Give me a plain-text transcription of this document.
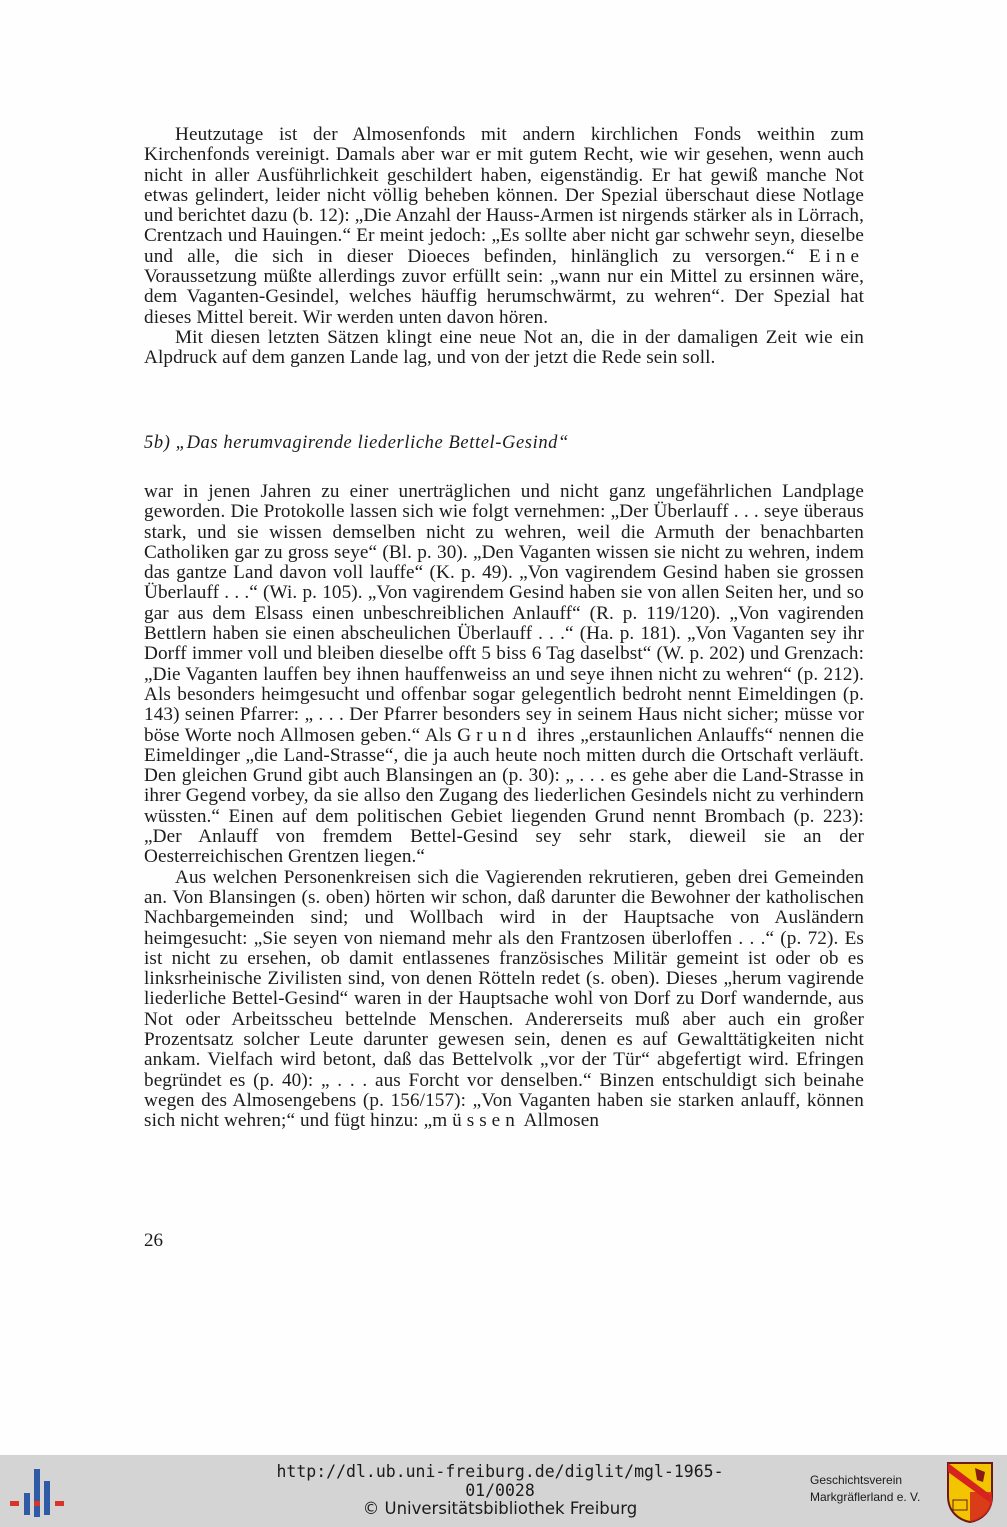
Heutzutage ist der Almosenfonds mit andern kirchlichen Fonds weithin zum Kirchenfonds vereinigt. Damals aber war er mit gutem Recht, wie wir gesehen, wenn auch nicht in aller Ausführlichkeit geschildert haben, eigenständig. Er hat gewiß manche Not etwas gelindert, leider nicht völlig beheben können. Der Spezial überschaut diese Notlage und berichtet dazu (b. 12): „Die Anzahl der Hauss-Armen ist nirgends stärker als in Lörrach, Crentzach und Hauingen.“ Er meint jedoch: „Es sollte aber nicht gar schwehr seyn, dieselbe und alle, die sich in dieser Dioeces befinden, hinlänglich zu versorgen.“ Eine Voraussetzung müßte allerdings zuvor erfüllt sein: „wann nur ein Mittel zu ersinnen wäre, dem Vaganten-Gesindel, welches häuffig herumschwärmt, zu wehren“. Der Spezial hat dieses Mittel bereit. Wir werden unten davon hören.

Mit diesen letzten Sätzen klingt eine neue Not an, die in der damaligen Zeit wie ein Alpdruck auf dem ganzen Lande lag, und von der jetzt die Rede sein soll.

5b) „Das herumvagirende liederliche Bettel-Gesind“

war in jenen Jahren zu einer unerträglichen und nicht ganz ungefährlichen Landplage geworden. Die Protokolle lassen sich wie folgt vernehmen: „Der Überlauff . . . seye überaus stark, und sie wissen demselben nicht zu wehren, weil die Armuth der benachbarten Catholiken gar zu gross seye“ (Bl. p. 30). „Den Vaganten wissen sie nicht zu wehren, indem das gantze Land davon voll lauffe“ (K. p. 49). „Von vagirendem Gesind haben sie grossen Überlauff . . .“ (Wi. p. 105). „Von vagirendem Gesind haben sie von allen Seiten her, und so gar aus dem Elsass einen unbeschreiblichen Anlauff“ (R. p. 119/120). „Von vagirenden Bettlern haben sie einen abscheulichen Überlauff . . .“ (Ha. p. 181). „Von Vaganten sey ihr Dorff immer voll und bleiben dieselbe offt 5 biss 6 Tag daselbst“ (W. p. 202) und Grenzach: „Die Vaganten lauffen bey ihnen hauffenweiss an und seye ihnen nicht zu wehren“ (p. 212). Als besonders heimgesucht und offenbar sogar gelegentlich bedroht nennt Eimeldingen (p. 143) seinen Pfarrer: „ . . . Der Pfarrer besonders sey in seinem Haus nicht sicher; müsse vor böse Worte noch Allmosen geben.“ Als Grund ihres „erstaunlichen Anlauffs“ nennen die Eimeldinger „die Land-Strasse“, die ja auch heute noch mitten durch die Ortschaft verläuft. Den gleichen Grund gibt auch Blansingen an (p. 30): „ . . . es gehe aber die Land-Strasse in ihrer Gegend vorbey, da sie allso den Zugang des liederlichen Gesindels nicht zu verhindern wüssten.“ Einen auf dem politischen Gebiet liegenden Grund nennt Brombach (p. 223): „Der Anlauff von fremdem Bettel-Gesind sey sehr stark, dieweil sie an der Oesterreichischen Grentzen liegen.“

Aus welchen Personenkreisen sich die Vagierenden rekrutieren, geben drei Gemeinden an. Von Blansingen (s. oben) hörten wir schon, daß darunter die Bewohner der katholischen Nachbargemeinden sind; und Wollbach wird in der Hauptsache von Ausländern heimgesucht: „Sie seyen von niemand mehr als den Frantzosen überloffen . . .“ (p. 72). Es ist nicht zu ersehen, ob damit entlassenes französisches Militär gemeint ist oder ob es linksrheinische Zivilisten sind, von denen Rötteln redet (s. oben). Dieses „herum vagirende liederliche Bettel-Gesind“ waren in der Hauptsache wohl von Dorf zu Dorf wandernde, aus Not oder Arbeitsscheu bettelnde Menschen. Andererseits muß aber auch ein großer Prozentsatz solcher Leute darunter gewesen sein, denen es auf Gewalttätigkeiten nicht ankam. Vielfach wird betont, daß das Bettelvolk „vor der Tür“ abgefertigt wird. Efringen begründet es (p. 40): „ . . . aus Forcht vor denselben.“ Binzen entschuldigt sich beinahe wegen des Almosengebens (p. 156/157): „Von Vaganten haben sie starken anlauff, können sich nicht wehren;“ und fügt hinzu: „müssen Allmosen

26
http://dl.ub.uni-freiburg.de/diglit/mgl-1965-01/0028
© Universitätsbibliothek Freiburg
Geschichtsverein
Markgräflerland e. V.
